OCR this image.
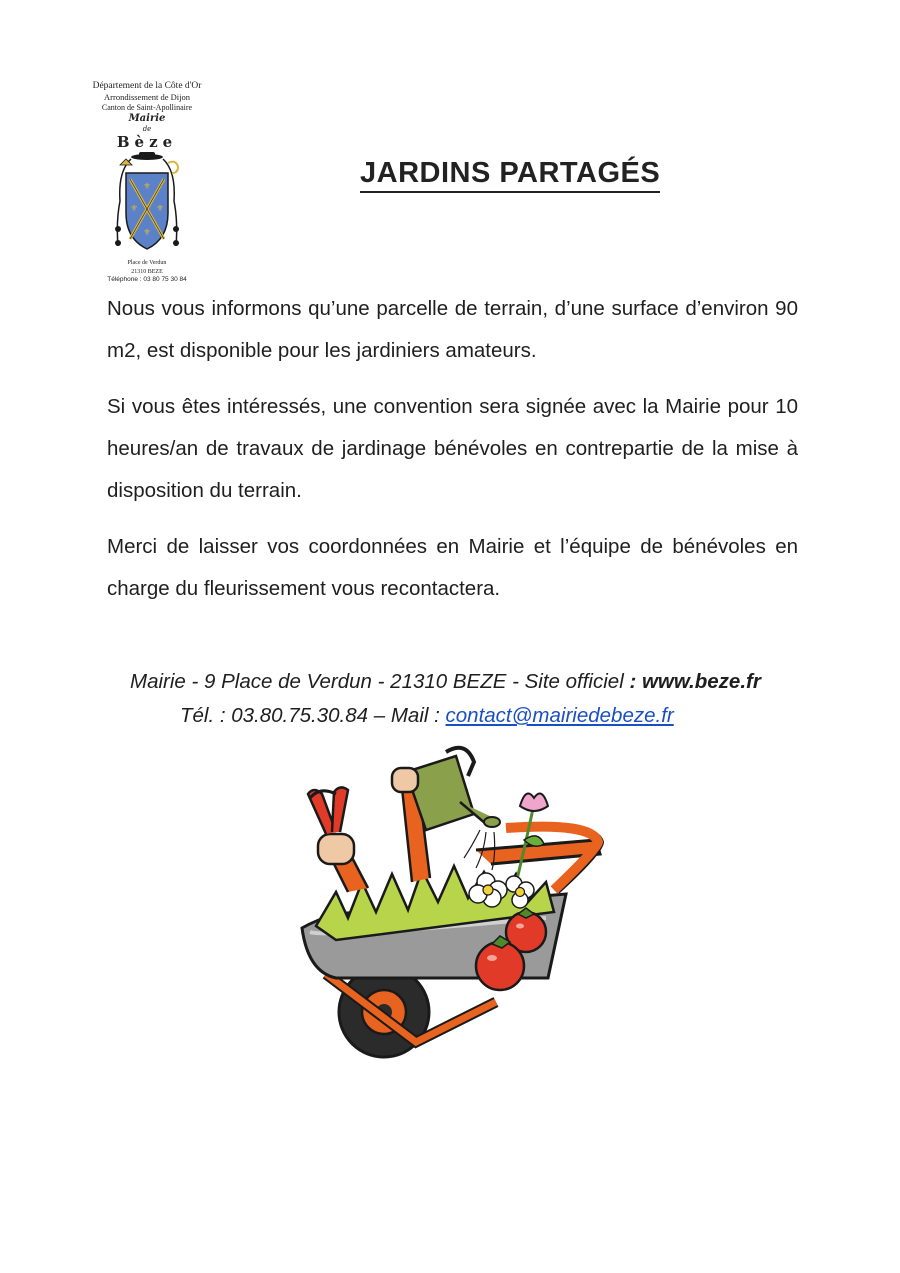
Département de la Côte d'Or
Arrondissement de Dijon
Canton de Saint-Apollinaire
Mairie
de
Bèze
⚜
⚜ ⚜
⚜
Place de Verdun
21310 BEZE
Téléphone : 03 80 75 30 84
JARDINS PARTAGÉS

Nous vous informons qu’une parcelle de terrain, d’une surface d’environ 90 m2, est disponible pour les jardiniers amateurs.

Si vous êtes intéressés, une convention sera signée avec la Mairie pour 10 heures/an de travaux de jardinage bénévoles en contrepartie de la mise à disposition du terrain.

Merci de laisser vos coordonnées en Mairie et l’équipe de bénévoles en charge du fleurissement vous recontactera.

Mairie - 9 Place de Verdun - 21310 BEZE - Site officiel : www.beze.fr
Tél. : 03.80.75.30.84 – Mail : contact@mairiedebeze.fr
